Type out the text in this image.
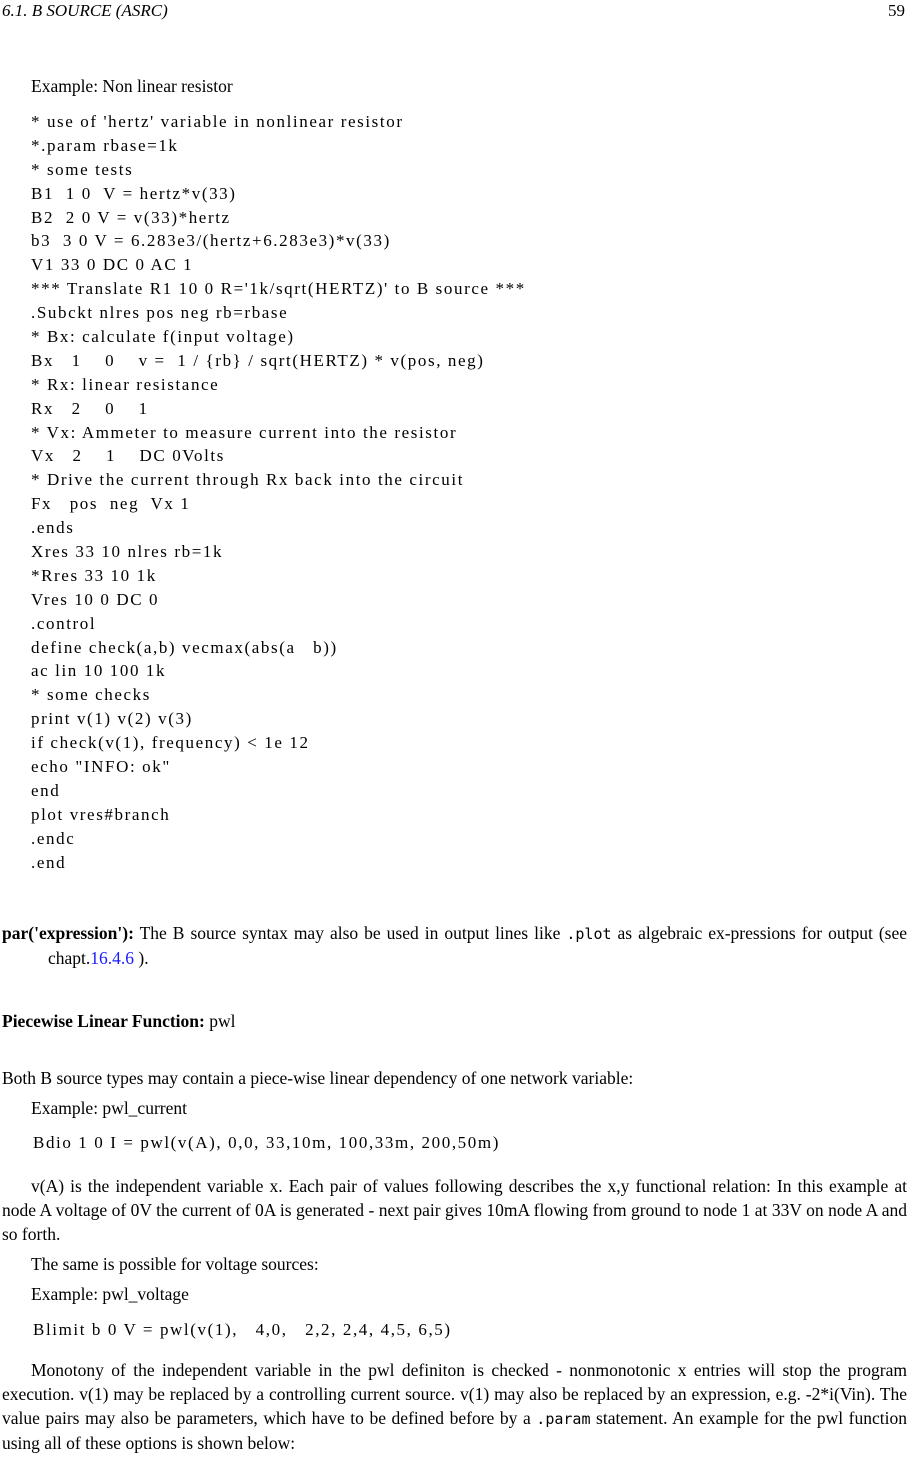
6.1. B SOURCE (ASRC)	59

Example: Non linear resistor

* use of 'hertz' variable in nonlinear resistor
*.param rbase=1k
* some tests
B1  1 0  V = hertz*v(33)
B2  2 0 V = v(33)*hertz
b3  3 0 V = 6.283e3/(hertz+6.283e3)*v(33)
V1 33 0 DC 0 AC 1
*** Translate R1 10 0 R='1k/sqrt(HERTZ)' to B source ***
.Subckt nlres pos neg rb=rbase
* Bx: calculate f(input voltage)
Bx   1    0    v =  1 / {rb} / sqrt(HERTZ) * v(pos, neg)
* Rx: linear resistance
Rx   2    0    1
* Vx: Ammeter to measure current into the resistor
Vx   2    1    DC 0Volts
* Drive the current through Rx back into the circuit
Fx   pos  neg  Vx 1
.ends
Xres 33 10 nlres rb=1k
*Rres 33 10 1k
Vres 10 0 DC 0
.control
define check(a,b) vecmax(abs(a   b))
ac lin 10 100 1k
* some checks
print v(1) v(2) v(3)
if check(v(1), frequency) < 1e 12
echo "INFO: ok"
end
plot vres#branch
.endc
.end

par('expression'): The B source syntax may also be used in output lines like .plot as algebraic ex-pressions for output (see chapt.16.4.6 ).

Piecewise Linear Function: pwl

Both B source types may contain a piece-wise linear dependency of one network variable:

Example: pwl_current

Bdio 1 0 I = pwl(v(A), 0,0, 33,10m, 100,33m, 200,50m)

v(A) is the independent variable x. Each pair of values following describes the x,y functional relation: In this example at node A voltage of 0V the current of 0A is generated - next pair gives 10mA flowing from ground to node 1 at 33V on node A and so forth.

The same is possible for voltage sources:

Example: pwl_voltage

Blimit b 0 V = pwl(v(1),   4,0,   2,2, 2,4, 4,5, 6,5)

Monotony of the independent variable in the pwl definiton is checked - nonmonotonic x entries will stop the program execution. v(1) may be replaced by a controlling current source. v(1) may also be replaced by an expression, e.g. -2*i(Vin). The value pairs may also be parameters, which have to be defined before by a .param statement. An example for the pwl function using all of these options is shown below:
